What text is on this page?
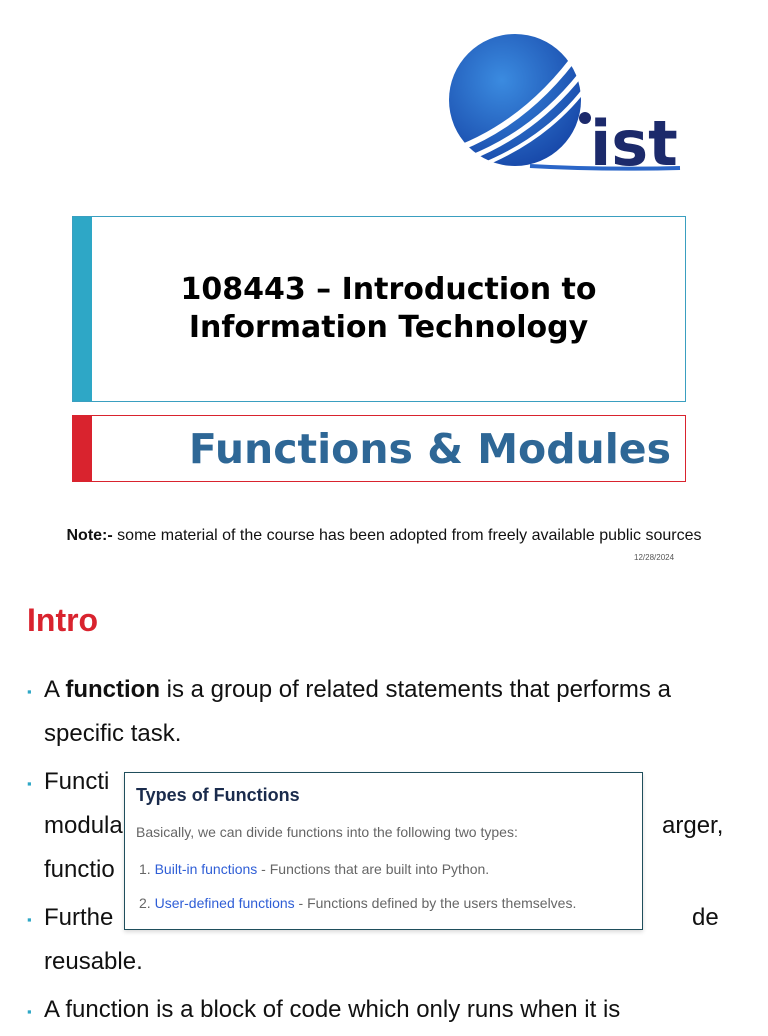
ist
108443 – Introduction to
Information Technology
Functions & Modules
Note:- some material of the course has been adopted from freely available public sources
12/28/2024
Intro
▪ A function is a group of related statements that performs a specific task.
▪ Functi
modula	arger,
functio
▪ Furthe	de
reusable.
▪ A function is a block of code which only runs when it is
Types of Functions
Basically, we can divide functions into the following two types:
1. Built-in functions - Functions that are built into Python.
2. User-defined functions - Functions defined by the users themselves.
